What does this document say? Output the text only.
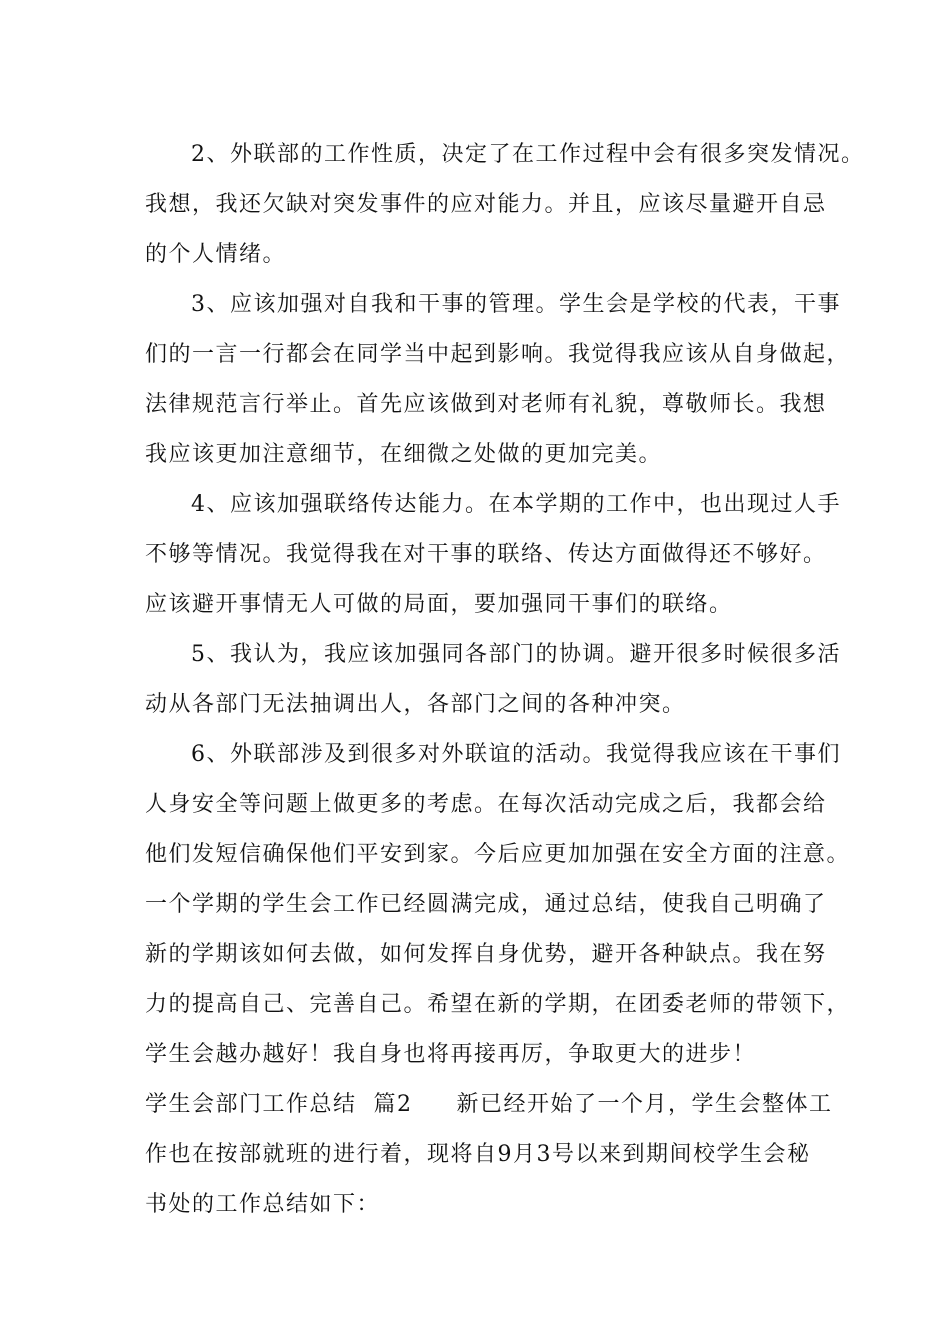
2、外联部的工作性质，决定了在工作过程中会有很多突发情况。
我想，我还欠缺对突发事件的应对能力。并且，应该尽量避开自忌
的个人情绪。
3、应该加强对自我和干事的管理。学生会是学校的代表，干事
们的一言一行都会在同学当中起到影响。我觉得我应该从自身做起，
法律规范言行举止。首先应该做到对老师有礼貌，尊敬师长。我想
我应该更加注意细节，在细微之处做的更加完美。
4、应该加强联络传达能力。在本学期的工作中，也出现过人手
不够等情况。我觉得我在对干事的联络、传达方面做得还不够好。
应该避开事情无人可做的局面，要加强同干事们的联络。
5、我认为，我应该加强同各部门的协调。避开很多时候很多活
动从各部门无法抽调出人，各部门之间的各种冲突。
6、外联部涉及到很多对外联谊的活动。我觉得我应该在干事们
人身安全等问题上做更多的考虑。在每次活动完成之后，我都会给
他们发短信确保他们平安到家。今后应更加加强在安全方面的注意。
一个学期的学生会工作已经圆满完成，通过总结，使我自己明确了
新的学期该如何去做，如何发挥自身优势，避开各种缺点。我在努
力的提高自己、完善自己。希望在新的学期，在团委老师的带领下，
学生会越办越好！我自身也将再接再厉，争取更大的进步！
学生会部门工作总结  篇2 新已经开始了一个月，学生会整体工
作也在按部就班的进行着，现将自9月3号以来到期间校学生会秘
书处的工作总结如下：
